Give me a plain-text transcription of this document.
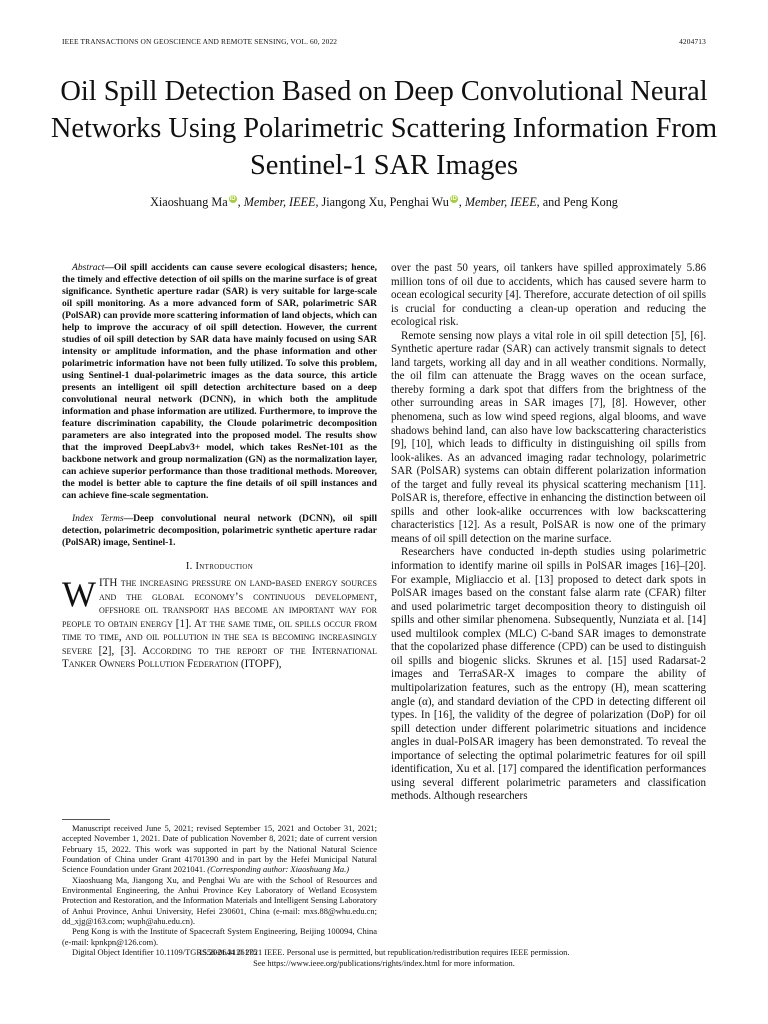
IEEE TRANSACTIONS ON GEOSCIENCE AND REMOTE SENSING, VOL. 60, 2022	4204713
Oil Spill Detection Based on Deep Convolutional Neural Networks Using Polarimetric Scattering Information From Sentinel-1 SAR Images
Xiaoshuang Ma iD , Member, IEEE, Jiangong Xu, Penghai Wu iD , Member, IEEE, and Peng Kong

Abstract—Oil spill accidents can cause severe ecological disasters; hence, the timely and effective detection of oil spills on the marine surface is of great significance. Synthetic aperture radar (SAR) is very suitable for large-scale oil spill monitoring. As a more advanced form of SAR, polarimetric SAR (PolSAR) can provide more scattering information of land objects, which can help to improve the accuracy of oil spill detection. However, the current studies of oil spill detection by SAR data have mainly focused on using SAR intensity or amplitude information, and the phase information and other polarimetric information have not been fully utilized. To solve this problem, using Sentinel-1 dual-polarimetric images as the data source, this article presents an intelligent oil spill detection architecture based on a deep convolutional neural network (DCNN), in which both the amplitude information and phase information are utilized. Furthermore, to improve the feature discrimination capability, the Cloude polarimetric decomposition parameters are also integrated into the proposed model. The results show that the improved DeepLabv3+ model, which takes ResNet-101 as the backbone network and group normalization (GN) as the normalization layer, can achieve superior performance than those traditional methods. Moreover, the model is better able to capture the fine details of oil spill instances and can achieve fine-scale segmentation.

Index Terms—Deep convolutional neural network (DCNN), oil spill detection, polarimetric decomposition, polarimetric synthetic aperture radar (PolSAR) image, Sentinel-1.

I. Introduction

WITH the increasing pressure on land-based energy sources and the global economy’s continuous development, offshore oil transport has become an important way for people to obtain energy [1]. At the same time, oil spills occur from time to time, and oil pollution in the sea is becoming increasingly severe [2], [3]. According to the report of the International Tanker Owners Pollution Federation (ITOPF),

Manuscript received June 5, 2021; revised September 15, 2021 and October 31, 2021; accepted November 1, 2021. Date of publication November 8, 2021; date of current version February 15, 2022. This work was supported in part by the National Natural Science Foundation of China under Grant 41701390 and in part by the Hefei Municipal Natural Science Foundation under Grant 2021041. (Corresponding author: Xiaoshuang Ma.)

Xiaoshuang Ma, Jiangong Xu, and Penghai Wu are with the School of Resources and Environmental Engineering, the Anhui Province Key Laboratory of Wetland Ecosystem Protection and Restoration, and the Information Materials and Intelligent Sensing Laboratory of Anhui Province, Anhui University, Hefei 230601, China (e-mail: mxs.88@whu.edu.cn; dd_xjg@163.com; wuph@ahu.edu.cn).

Peng Kong is with the Institute of Spacecraft System Engineering, Beijing 100094, China (e-mail: kpnkpn@126.com).

Digital Object Identifier 10.1109/TGRS.2021.3126175

over the past 50 years, oil tankers have spilled approximately 5.86 million tons of oil due to accidents, which has caused severe harm to ocean ecological security [4]. Therefore, accurate detection of oil spills is crucial for conducting a clean-up operation and reducing the ecological risk.

Remote sensing now plays a vital role in oil spill detection [5], [6]. Synthetic aperture radar (SAR) can actively transmit signals to detect land targets, working all day and in all weather conditions. Normally, the oil film can attenuate the Bragg waves on the ocean surface, thereby forming a dark spot that differs from the brightness of the other surrounding areas in SAR images [7], [8]. However, other phenomena, such as low wind speed regions, algal blooms, and wave shadows behind land, can also have low backscattering characteristics [9], [10], which leads to difficulty in distinguishing oil spills from look-alikes. As an advanced imaging radar technology, polarimetric SAR (PolSAR) systems can obtain different polarization information of the target and fully reveal its physical scattering mechanism [11]. PolSAR is, therefore, effective in enhancing the distinction between oil spills and other look-alike occurrences with low backscattering characteristics [12]. As a result, PolSAR is now one of the primary means of oil spill detection on the marine surface.

Researchers have conducted in-depth studies using polarimetric information to identify marine oil spills in PolSAR images [16]–[20]. For example, Migliaccio et al. [13] proposed to detect dark spots in PolSAR images based on the constant false alarm rate (CFAR) filter and used polarimetric target decomposition theory to distinguish oil spills and other similar phenomena. Subsequently, Nunziata et al. [14] used multilook complex (MLC) C-band SAR images to demonstrate that the copolarized phase difference (CPD) can be used to distinguish oil spills and biogenic slicks. Skrunes et al. [15] used Radarsat-2 images and TerraSAR-X images to compare the ability of multipolarization features, such as the entropy (H), mean scattering angle (α), and standard deviation of the CPD in detecting different oil types. In [16], the validity of the degree of polarization (DoP) for oil spill detection under different polarimetric situations and incidence angles in dual-PolSAR imagery has been demonstrated. To reveal the importance of selecting the optimal polarimetric features for oil spill identification, Xu et al. [17] compared the identification performances using several different polarimetric parameters and classification methods. Although researchers

1558-0644 © 2021 IEEE. Personal use is permitted, but republication/redistribution requires IEEE permission.
See https://www.ieee.org/publications/rights/index.html for more information.
